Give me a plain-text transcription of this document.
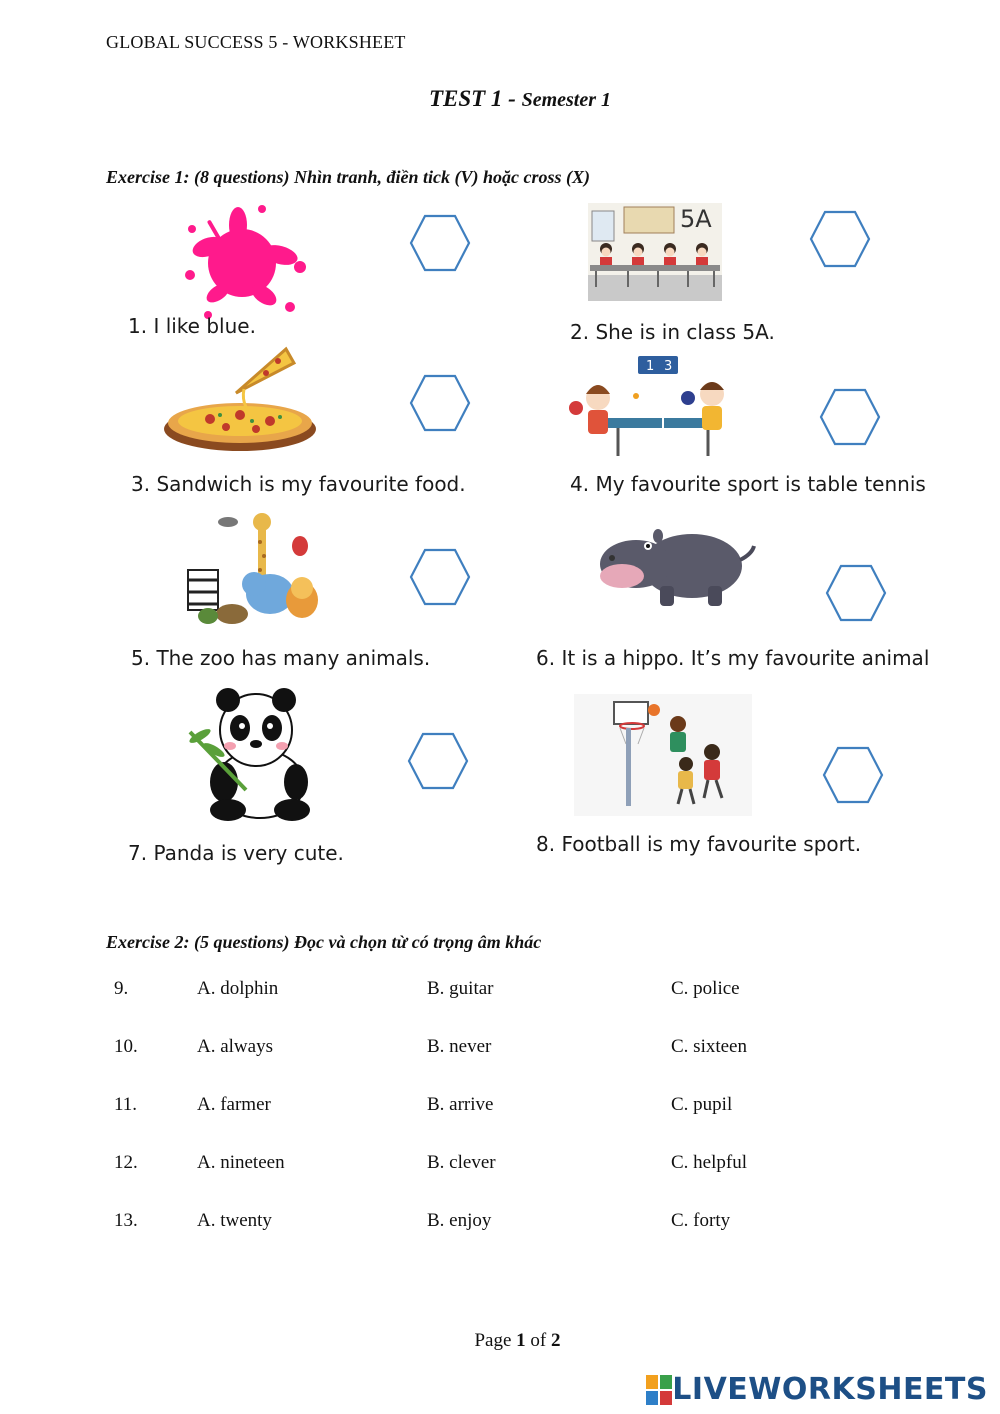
GLOBAL SUCCESS 5 - WORKSHEET
TEST 1 - Semester 1
Exercise 1: (8 questions) Nhìn tranh, điền tick (V) hoặc cross (X)
5A
1 3
1. I like blue.	2. She is in class 5A.
3. Sandwich is my favourite food.	4. My favourite sport is table tennis
5. The zoo has many animals.	6. It is a hippo. It’s my favourite animal
7. Panda is very cute.	8. Football is my favourite sport.
Exercise 2: (5 questions) Đọc và chọn từ có trọng âm khác
9.	A. dolphin	B. guitar	C. police
10.	A. always	B. never	C. sixteen
11.	A. farmer	B. arrive	C. pupil
12.	A. nineteen	B. clever	C. helpful
13.	A. twenty	B. enjoy	C. forty
Page 1 of 2
LIVEWORKSHEETS
